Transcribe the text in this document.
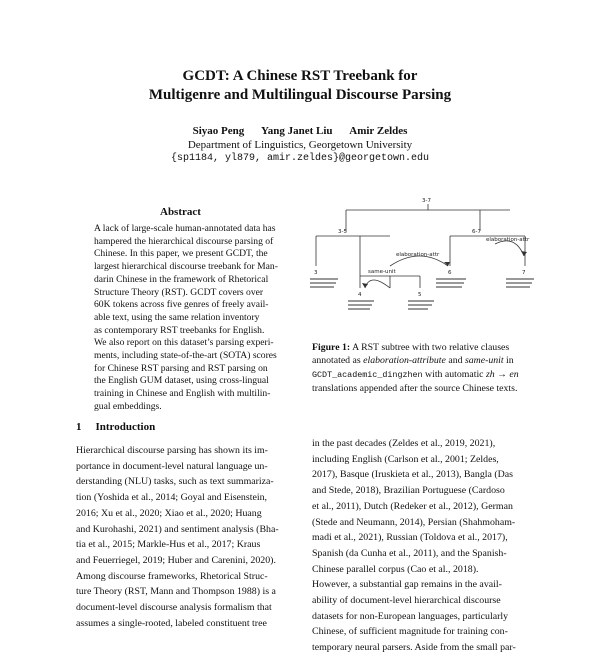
GCDT: A Chinese RST Treebank for
Multigenre and Multilingual Discourse Parsing
Siyao Peng Yang Janet Liu Amir Zeldes
Department of Linguistics, Georgetown University
{sp1184, yl879, amir.zeldes}@georgetown.edu
Abstract
A lack of large-scale human-annotated data has
hampered the hierarchical discourse parsing of
Chinese. In this paper, we present GCDT, the
largest hierarchical discourse treebank for Man-
darin Chinese in the framework of Rhetorical
Structure Theory (RST). GCDT covers over
60K tokens across five genres of freely avail-
able text, using the same relation inventory
as contemporary RST treebanks for English.
We also report on this dataset’s parsing experi-
ments, including state-of-the-art (SOTA) scores
for Chinese RST parsing and RST parsing on
the English GUM dataset, using cross-lingual
training in Chinese and English with multilin-
gual embeddings.
3-7
3-5	6-7
elaboration-attr
elaboration-attr
same-unit
3
4	5
6	7
Figure 1: A RST subtree with two relative clauses
annotated as elaboration-attribute and same-unit in
GCDT_academic_dingzhen with automatic zh → en
translations appended after the source Chinese texts.
1 Introduction
Hierarchical discourse parsing has shown its im-
portance in document-level natural language un-
derstanding (NLU) tasks, such as text summariza-
tion (Yoshida et al., 2014; Goyal and Eisenstein,
2016; Xu et al., 2020; Xiao et al., 2020; Huang
and Kurohashi, 2021) and sentiment analysis (Bha-
tia et al., 2015; Markle-Hus et al., 2017; Kraus
and Feuerriegel, 2019; Huber and Carenini, 2020).
Among discourse frameworks, Rhetorical Struc-
ture Theory (RST, Mann and Thompson 1988) is a
document-level discourse analysis formalism that
assumes a single-rooted, labeled constituent tree
in the past decades (Zeldes et al., 2019, 2021),
including English (Carlson et al., 2001; Zeldes,
2017), Basque (Iruskieta et al., 2013), Bangla (Das
and Stede, 2018), Brazilian Portuguese (Cardoso
et al., 2011), Dutch (Redeker et al., 2012), German
(Stede and Neumann, 2014), Persian (Shahmoham-
madi et al., 2021), Russian (Toldova et al., 2017),
Spanish (da Cunha et al., 2011), and the Spanish-
Chinese parallel corpus (Cao et al., 2018).
However, a substantial gap remains in the avail-
ability of document-level hierarchical discourse
datasets for non-European languages, particularly
Chinese, of sufficient magnitude for training con-
temporary neural parsers. Aside from the small par-
